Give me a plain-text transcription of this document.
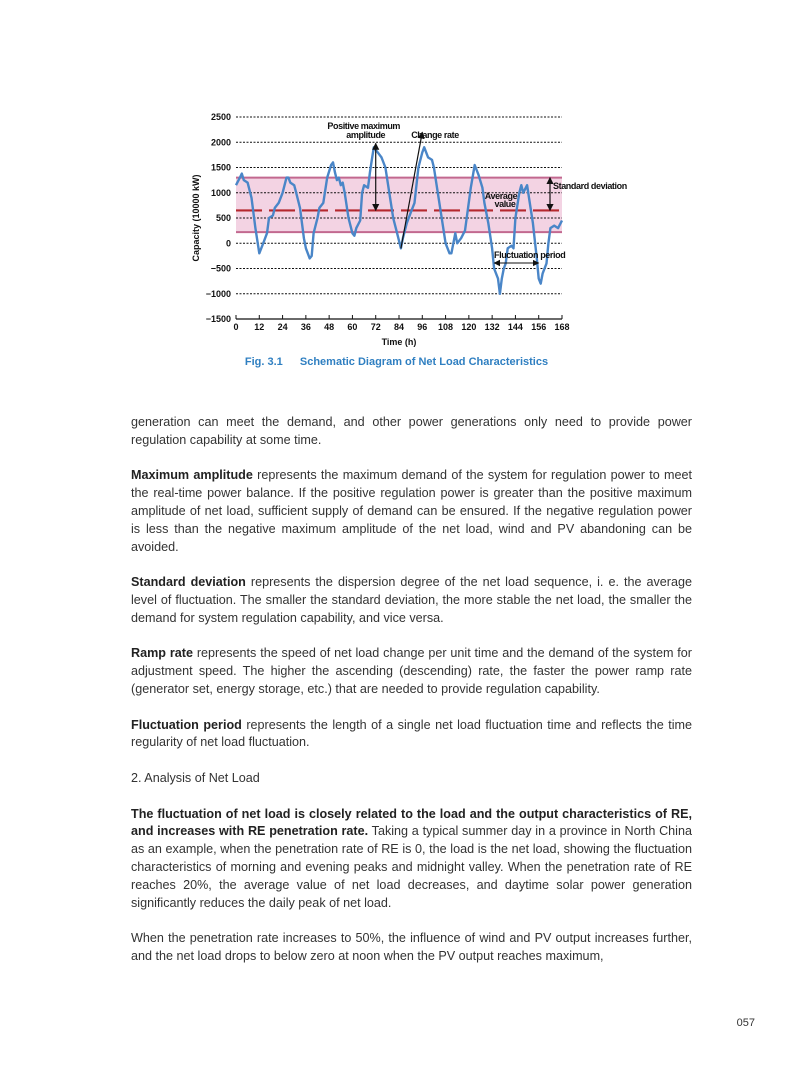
2500
2000
1500
1000
500
0
−500
−1000
−1500
0 12 24 36 48 60 72 84 96 108 120 132 144 156 168
Positive maximum
amplitude	Change rate
Average
value
Standard deviation
Fluctuation period
Time (h)
Capacity (10000 kW)
Fig. 3.1 Schematic Diagram of Net Load Characteristics

generation can meet the demand, and other power generations only need to provide power regulation capability at some time.

Maximum amplitude represents the maximum demand of the system for regulation power to meet the real-time power balance. If the positive regulation power is greater than the positive maximum amplitude of net load, sufficient supply of demand can be ensured. If the negative regulation power is less than the negative maximum amplitude of the net load, wind and PV abandoning can be avoided.

Standard deviation represents the dispersion degree of the net load sequence, i. e. the average level of fluctuation. The smaller the standard deviation, the more stable the net load, the smaller the demand for system regulation capability, and vice versa.

Ramp rate represents the speed of net load change per unit time and the demand of the system for adjustment speed. The higher the ascending (descending) rate, the faster the power ramp rate (generator set, energy storage, etc.) that are needed to provide regulation capability.

Fluctuation period represents the length of a single net load fluctuation time and reflects the time regularity of net load fluctuation.

2. Analysis of Net Load

The fluctuation of net load is closely related to the load and the output characteristics of RE, and increases with RE penetration rate. Taking a typical summer day in a province in North China as an example, when the penetration rate of RE is 0, the load is the net load, showing the fluctuation characteristics of morning and evening peaks and midnight valley. When the penetration rate of RE reaches 20%, the average value of net load decreases, and daytime solar power generation significantly reduces the daily peak of net load.

When the penetration rate increases to 50%, the influence of wind and PV output increases further, and the net load drops to below zero at noon when the PV output reaches maximum,

057
